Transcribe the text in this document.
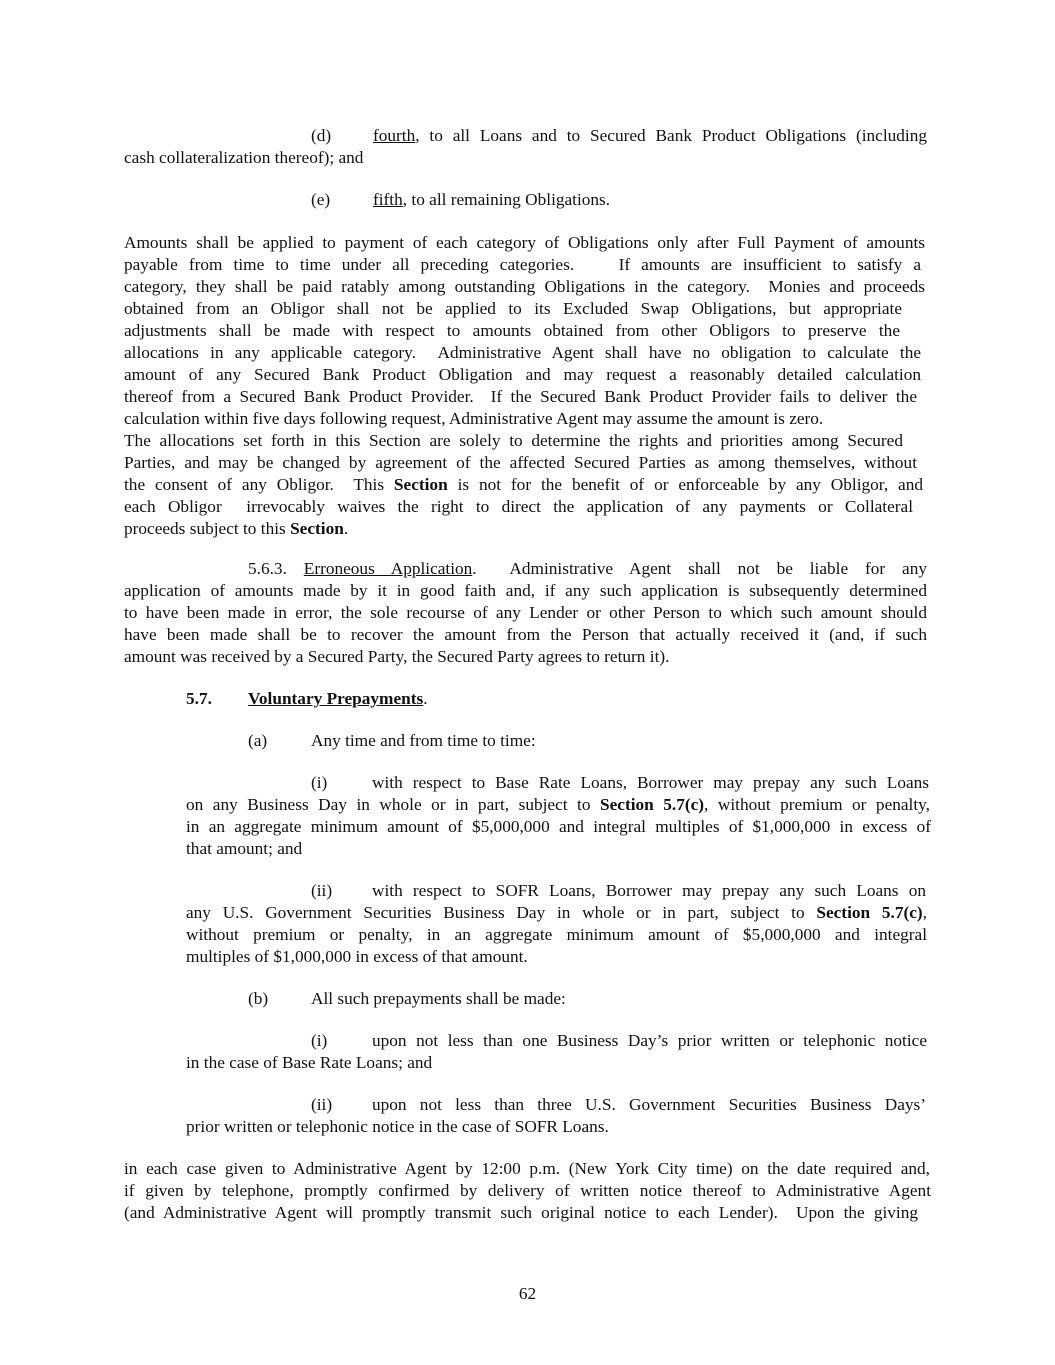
(d) fourth, to all Loans and to Secured Bank Product Obligations (including
cash collateralization thereof); and
(e) fifth, to all remaining Obligations.
Amounts shall be applied to payment of each category of Obligations only after Full Payment of amounts
payable from time to time under all preceding categories.    If amounts are insufficient to satisfy a
category, they shall be paid ratably among outstanding Obligations in the category.  Monies and proceeds
obtained from an Obligor shall not be applied to its Excluded Swap Obligations, but appropriate
adjustments shall be made with respect to amounts obtained from other Obligors to preserve the
allocations in any applicable category.  Administrative Agent shall have no obligation to calculate the
amount of any Secured Bank Product Obligation and may request a reasonably detailed calculation
thereof from a Secured Bank Product Provider.  If the Secured Bank Product Provider fails to deliver the
calculation within five days following request, Administrative Agent may assume the amount is zero.
The allocations set forth in this Section are solely to determine the rights and priorities among Secured
Parties, and may be changed by agreement of the affected Secured Parties as among themselves, without
the consent of any Obligor.  This Section is not for the benefit of or enforceable by any Obligor, and
each Obligor  irrevocably waives the right to direct the application of any payments or Collateral
proceeds subject to this Section.
5.6.3. Erroneous Application.  Administrative Agent shall not be liable for any
application of amounts made by it in good faith and, if any such application is subsequently determined
to have been made in error, the sole recourse of any Lender or other Person to which such amount should
have been made shall be to recover the amount from the Person that actually received it (and, if such
amount was received by a Secured Party, the Secured Party agrees to return it).
5.7. Voluntary Prepayments.
(a)	Any time and from time to time:
(i)	with respect to Base Rate Loans, Borrower may prepay any such Loans
on any Business Day in whole or in part, subject to Section 5.7(c), without premium or penalty,
in an aggregate minimum amount of $5,000,000 and integral multiples of $1,000,000 in excess of
that amount; and
(ii) with respect to SOFR Loans, Borrower may prepay any such Loans on
any U.S. Government Securities Business Day in whole or in part, subject to Section 5.7(c),
without premium or penalty, in an aggregate minimum amount of $5,000,000 and integral
multiples of $1,000,000 in excess of that amount.
(b) All such prepayments shall be made:
(i)	upon not less than one Business Day’s prior written or telephonic notice
in the case of Base Rate Loans; and
(ii) upon not less than three U.S. Government Securities Business Days’
prior written or telephonic notice in the case of SOFR Loans.
in each case given to Administrative Agent by 12:00 p.m. (New York City time) on the date required and,
if given by telephone, promptly confirmed by delivery of written notice thereof to Administrative Agent
(and Administrative Agent will promptly transmit such original notice to each Lender).  Upon the giving
62
